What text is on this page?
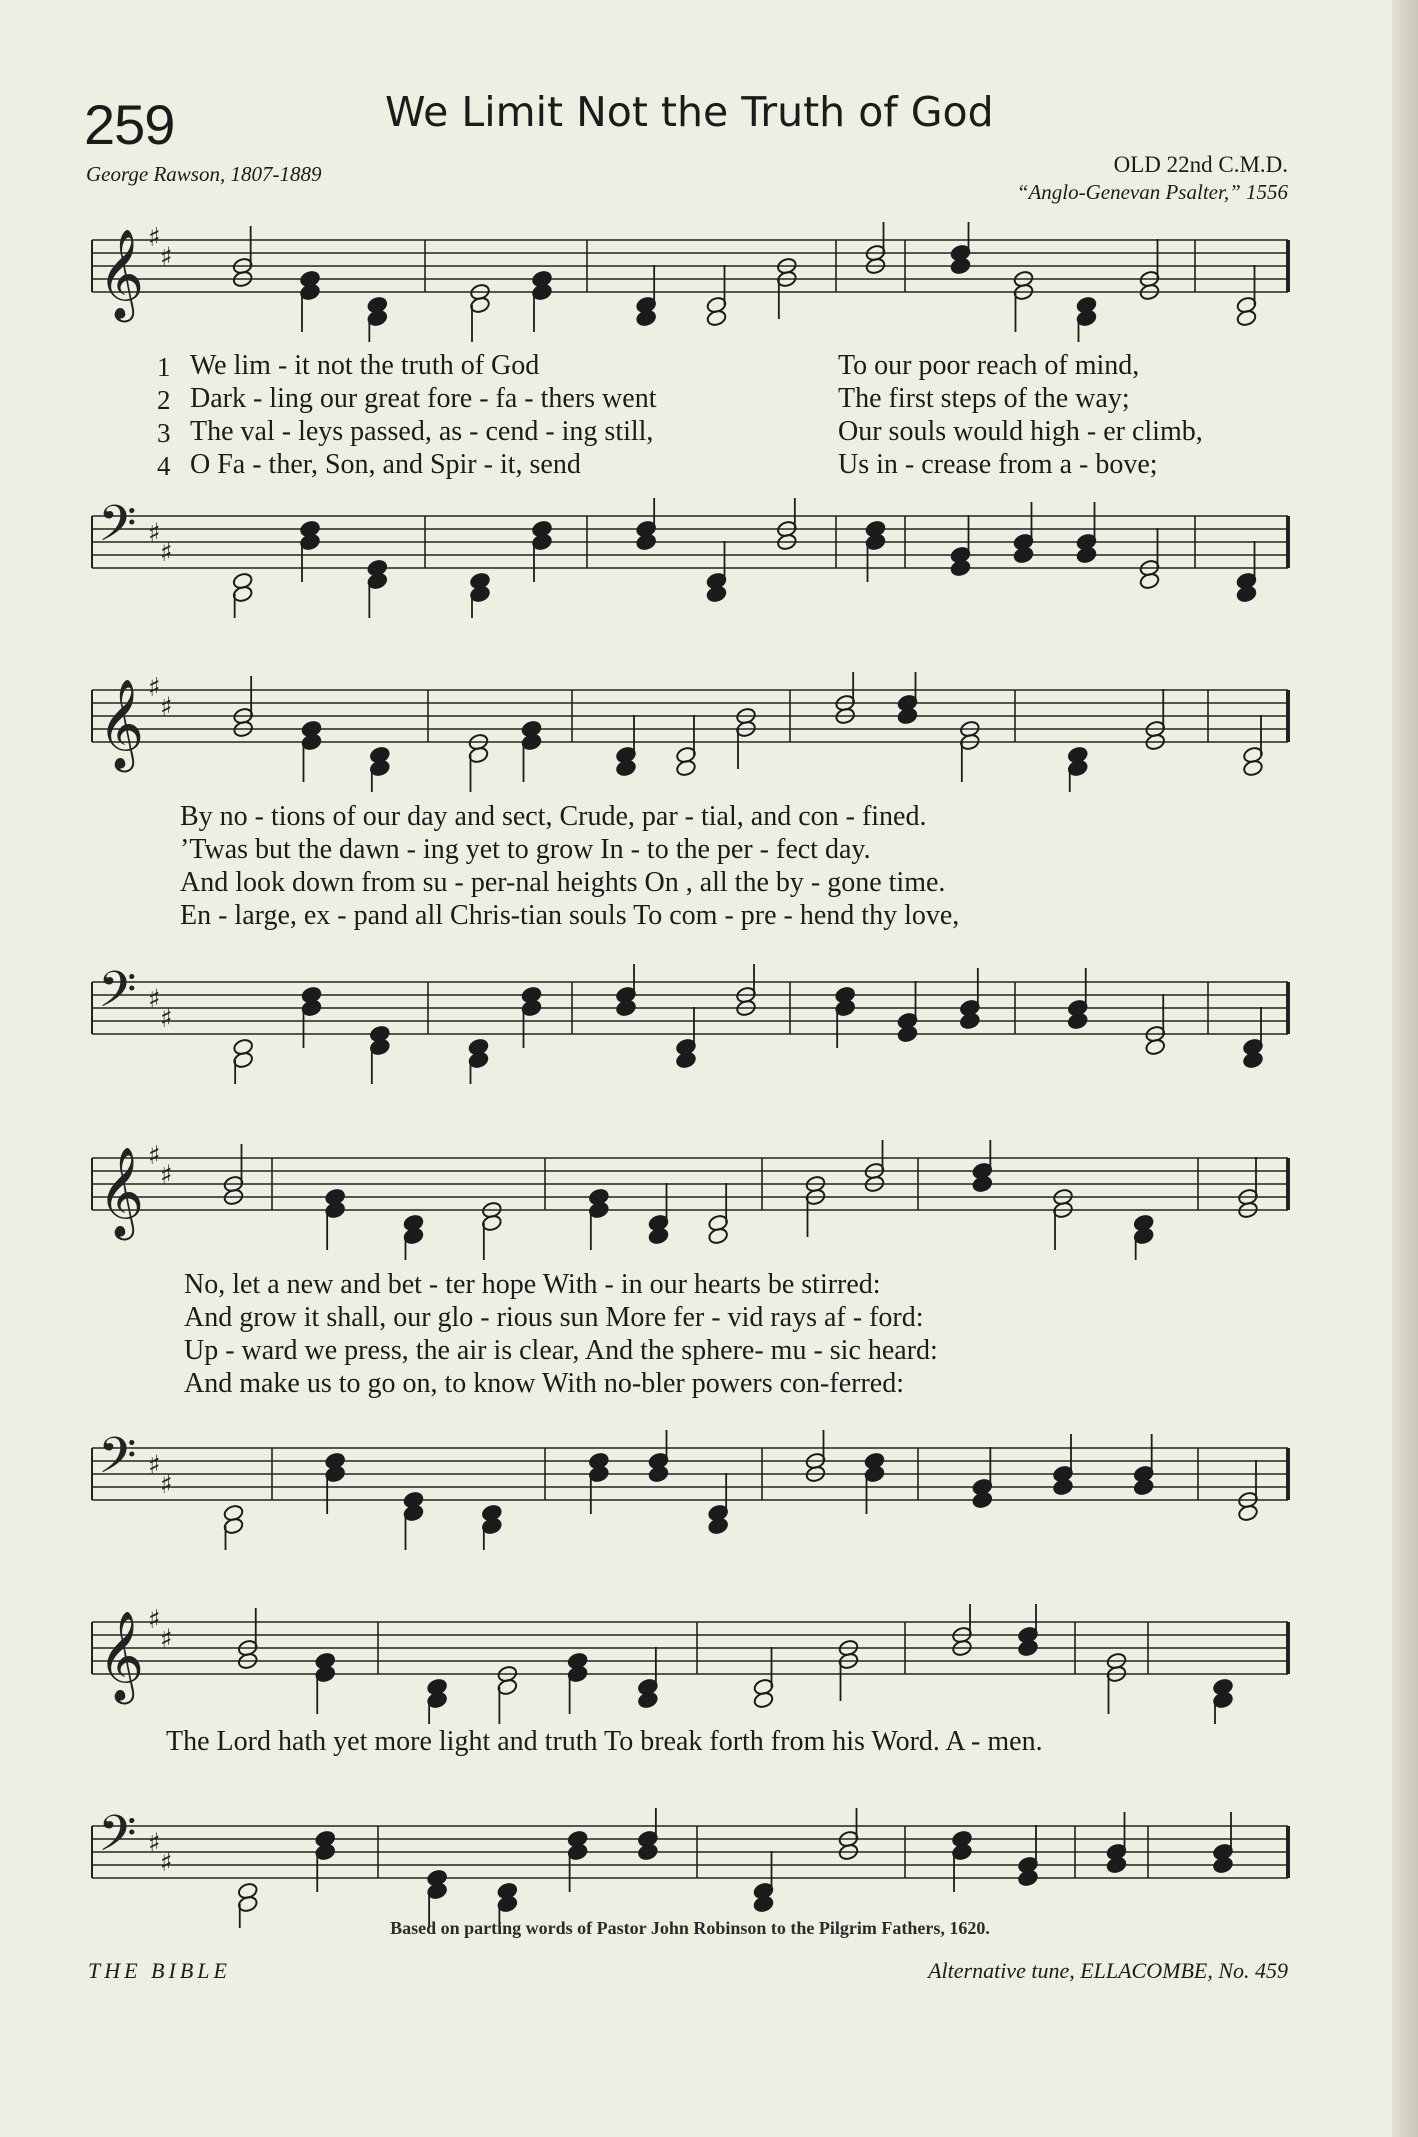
259	We Limit Not the Truth of God
George Rawson, 1807-1889	OLD 22nd C.M.D.
“Anglo-Genevan Psalter,” 1556
𝄞 ♯
♯
𝄢 ♯
♯
1
2
3
4
We lim - it not the truth of God
Dark - ling our great fore - fa - thers went
The val - leys passed, as - cend - ing still,
O Fa - ther, Son, and Spir - it, send
To our poor reach of mind,
The first steps of the way;
Our souls would high - er climb,
Us in - crease from a - bove;
𝄞 ♯
♯
𝄢 ♯
♯
By no - tions of our day and sect, Crude, par - tial, and con - fined.
’Twas but the dawn - ing yet to grow In - to the per - fect day.
And look down from su - per-nal heights On , all the by - gone time.
En - large, ex - pand all Chris-tian souls To com - pre - hend thy love,
𝄞 ♯
♯
𝄢 ♯
♯
No, let a new and bet - ter hope With - in our hearts be stirred:
And grow it shall, our glo - rious sun More fer - vid rays af - ford:
Up - ward we press, the air is clear, And the sphere- mu - sic heard:
And make us to go on, to know With no-bler powers con-ferred:
𝄞 ♯
♯
𝄢 ♯
♯
The Lord hath yet more light and truth To break forth from his Word. A - men.
Based on parting words of Pastor John Robinson to the Pilgrim Fathers, 1620.
THE BIBLE	Alternative tune, ELLACOMBE, No. 459
